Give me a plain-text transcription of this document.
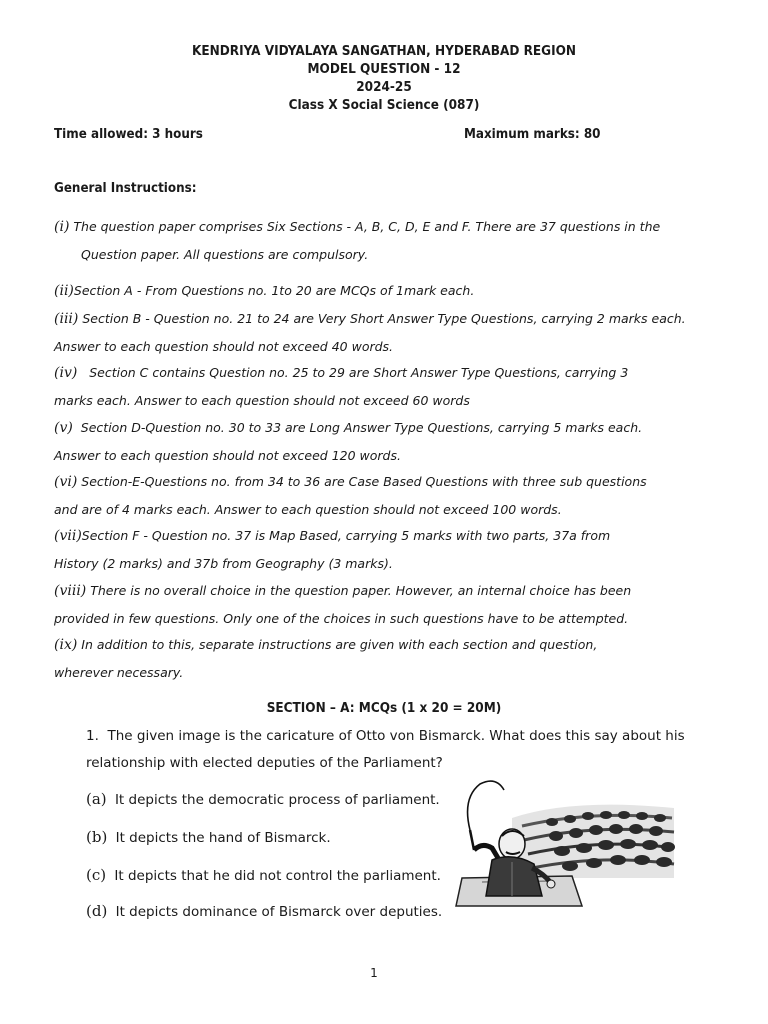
KENDRIYA VIDYALAYA SANGATHAN, HYDERABAD REGION
MODEL QUESTION - 12
2024-25
Class X Social Science (087)
Time allowed: 3 hours	Maximum marks: 80
General Instructions:
(i) The question paper comprises Six Sections - A, B, C, D, E and F. There are 37 questions in the
Question paper. All questions are compulsory.
(ii)Section A - From Questions no. 1to 20 are MCQs of 1mark each.
(iii) Section B - Question no. 21 to 24 are Very Short Answer Type Questions, carrying 2 marks each.
Answer to each question should not exceed 40 words.
(iv) Section C contains Question no. 25 to 29 are Short Answer Type Questions, carrying 3
marks each. Answer to each question should not exceed 60 words
(v) Section D-Question no. 30 to 33 are Long Answer Type Questions, carrying 5 marks each.
Answer to each question should not exceed 120 words.
(vi) Section-E-Questions no. from 34 to 36 are Case Based Questions with three sub questions
and are of 4 marks each. Answer to each question should not exceed 100 words.
(vii)Section F - Question no. 37 is Map Based, carrying 5 marks with two parts, 37a from
History (2 marks) and 37b from Geography (3 marks).
(viii) There is no overall choice in the question paper. However, an internal choice has been
provided in few questions. Only one of the choices in such questions have to be attempted.
(ix) In addition to this, separate instructions are given with each section and question,
wherever necessary.
SECTION – A: MCQs (1 x 20 = 20M)
1. The given image is the caricature of Otto von Bismarck. What does this say about his
relationship with elected deputies of the Parliament?
(a) It depicts the democratic process of parliament.
(b) It depicts the hand of Bismarck.
(c) It depicts that he did not control the parliament.
(d) It depicts dominance of Bismarck over deputies.
1
